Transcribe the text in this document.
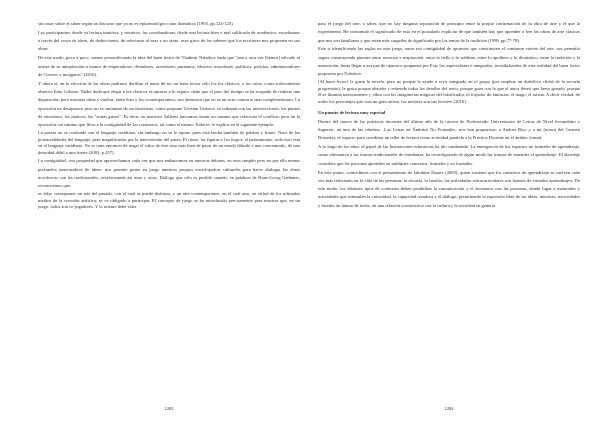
sin casar sobre el saber según un discurso que ya no es epistemológico sino dramático (1993, pp.124-125).

Los participantes, desde su lectura intuitiva, y nosotros, las coordinadoras, desde una lectura bien o mal calificada de académica, escarbamos a través del cruce de ideas, de deducciones, de relecturas al azar y no tanto, esos giros de los saberes que los escritores nos proponen en sus obras.

De este modo, poco a poco, vamos personificando la idea del buen lector de Vladimir Nabokov dado que "una y otra vez [hemos] salvado al artista de su aniquilación a manos de emperadores, dictadores, sacerdotes, puritanos, filisteos, moralistas, políticos, policías, administradores de Correos y mojigatos" (2016).

Y ahora sí, en la elección de las obras pudimos derribar el muro de ser un buen lector sólo los los clásicos, a los otros, como irónicamente observó Italo Calvino. Nadie duda que elegir a los clásicos es apostar a lo seguro, dado que el paso del tiempo se ha ocupado de realizar una depuración; pero nuestras ideas y vueltas, entre ésos y los contemporáneos, nos demostró que no es un acto contrario sino complementario. La oposición no desaparece pero no es sinónimo de exclusivismo, como propone Tzvetan Todorov, se trabajan con las intersecciones, los puntos de encuentro, los matices, las "zonas grises". Es decir, en nuestros Talleres buscamos entrar en camino que relaciona el conflicto pero no la oposición: un camino que lleva a la contigüidad de los contrarios, tal como el mismo Todorov lo explica en el siguiente ejemplo:

La poesía no se confunde con el lenguaje cotidiano, sin embargo no se le opone, pues está hecha también de palabra y frases. Nace de las potencialidades del lenguaje, pero magnificadas por la intervención del poeta. El ritmo, las figuras y los tropos, el pensamiento, todo esto está en el lenguaje cotidiano. No se trata entonces de negar el valor de éste sino más bien de pasar de un estado diluido a uno concentrado, de una densidad débil a una fuerte (2003, p.257).

La contigüidad –esa propiedad que aprovechamos cada vez que nos embarcamos en nuestros debates, en esos simples pero no por ello menos profundos intercambios de ideas- nos permite poner en juego nuestros propios enciclopedias culturales para hacer dialogar las obras novelescas con las tradicionales, revalorizando así unas y otras. Diálogo que sólo es posible cuando, en palabras de Hans-Georg Gadamer, reconocemos que:

es falso contraponer un arte del pasado, con el cual se puede disfrutar, y un arte contemporáneo, en el cual uno, en virtud de los refinados medios de la creación artística, se ve obligado a participar. El concepto de juego se ha introducido precisamente para mostrar que, en un juego, todos son co-jugadores. Y lo mismo debe valer

1283

para el juego del arte, a saber, que no hay ninguna separación de principio entre la propia confirmación de la obra de arte y el que la experimenta. He reasumido el significado de esto en el postulado explícito de que también hay que aprender a leer las obras de arte clásicas que nos son familiares y que están más cargadas de significado por los temas de la tradición (1998, pp.77-78).

Este ir identificando las reglas en este juego, entre esa contigüidad de opuestos que constituyen el constante vaivén del arte, nos permitió seguir construyendo puentes entre nosotros e inspiración, entre lo bello y lo sublime, entre lo apolíneo y lo dionisíaco, entre la tradición y la innovación, hasta llegar a esa paz de opuestos propuesta por Esto los especialistas e integrados, invisibilizados de esta realidad del buen lector propuesta por Nabokov:

[Al buen lector] le gusta la novela, pero no porque le ayude a vivir integrado en el grupo (por emplear un diabólico cliché de la escuela progresista); le gusta porque absorbe y entiende todos los detalles del texto, porque goza con lo que el autor deseó que fuese gozado, porque él se ilumina interiormente y vibra con las imaginerías mágicas del falsificador, el forjador de fantasías, el mago, el artista. A decir verdad, de todos los personajes que crea un gran artista, los mejores son sus lectores (2016).

Un puente de lectura muy especial

Dentro del marco de las prácticas docentes del último año de la carrera de Profesorado Universitario de Letras de Nivel Secundario y Superior, en una de las cátedras –Las Letras en Ámbitos No Formales– nos han propuestas, a Andrea Bico y a mí (marrú del Carmen Brizuela), el espacio para coordinar un taller de lectura como actividad paralela a la Práctica Docente en el ámbito formal.

A lo largo de los años, el papel de las Instituciones educativas ha ido cambiando. La emergencia de los espacios no formales de aprendizaje, como alternativa a las formas tradicionales de enseñanza, ha reconfigurado de algún modo las formas de entender el aprendizaje. El abordaje considera que las personas aprenden en múltiples contextos, formales y no formales.

En este punto, coincidimos con el pensamiento de Jakobine Duarte (2005), quien sostiene que los contextos de aprendizaje se vuelven cada vez más relevantes en la vida de las personas; la escuela, la familia, las actividades extracurriculares son fuentes de variados aprendizajes. De este modo, los distintos tipos de contextos deben posibilitar la comunicación y el encuentro con las personas, donde lugar a materiales y actividades que estimulen la curiosidad, la capacidad creadora y el diálogo; permitiendo la expresión libre de las ideas, intereses, necesidades y estados de ánimo de todos, en una relación constructiva con la cultura y la sociedad en general.

1284
